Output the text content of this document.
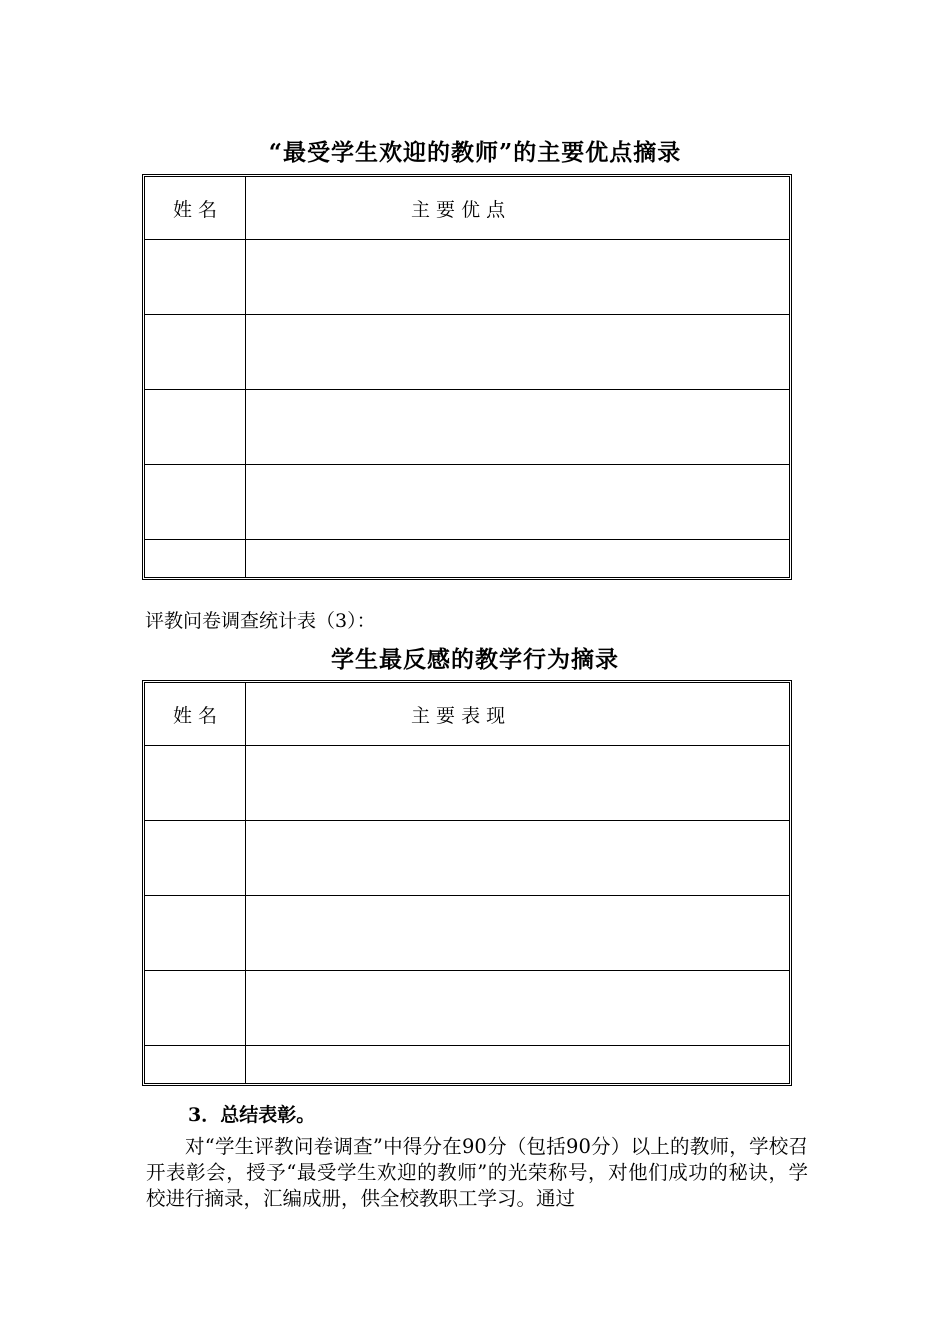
“最受学生欢迎的教师”的主要优点摘录
姓 名	主 要 优 点

评教问卷调查统计表（3）：
学生最反感的教学行为摘录
姓 名	主 要 表 现

3．总结表彰。
对“学生评教问卷调查”中得分在90分（包括90分）以上的教师，学校召开表彰会，授予“最受学生欢迎的教师”的光荣称号，对他们成功的秘诀，学校进行摘录，汇编成册，供全校教职工学习。通过
